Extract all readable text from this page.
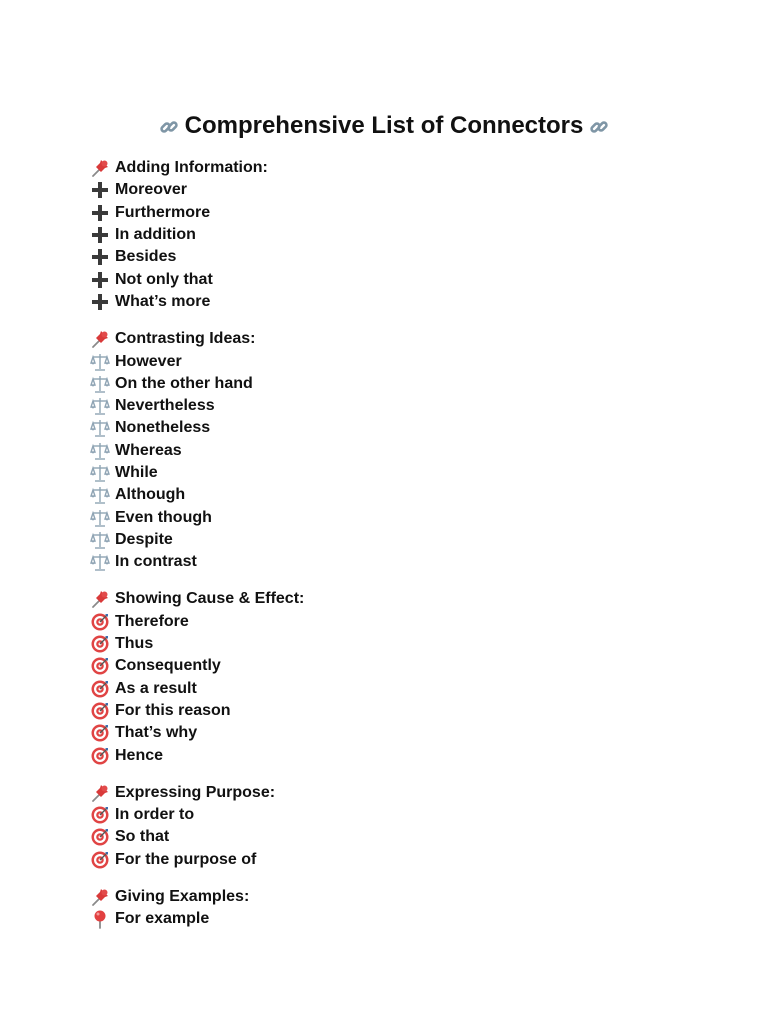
Comprehensive List of Connectors
Adding Information:
Moreover
Furthermore
In addition
Besides
Not only that
What’s more
Contrasting Ideas:
However
On the other hand
Nevertheless
Nonetheless
Whereas
While
Although
Even though
Despite
In contrast
Showing Cause & Effect:
Therefore
Thus
Consequently
As a result
For this reason
That’s why
Hence
Expressing Purpose:
In order to
So that
For the purpose of
Giving Examples:
For example
